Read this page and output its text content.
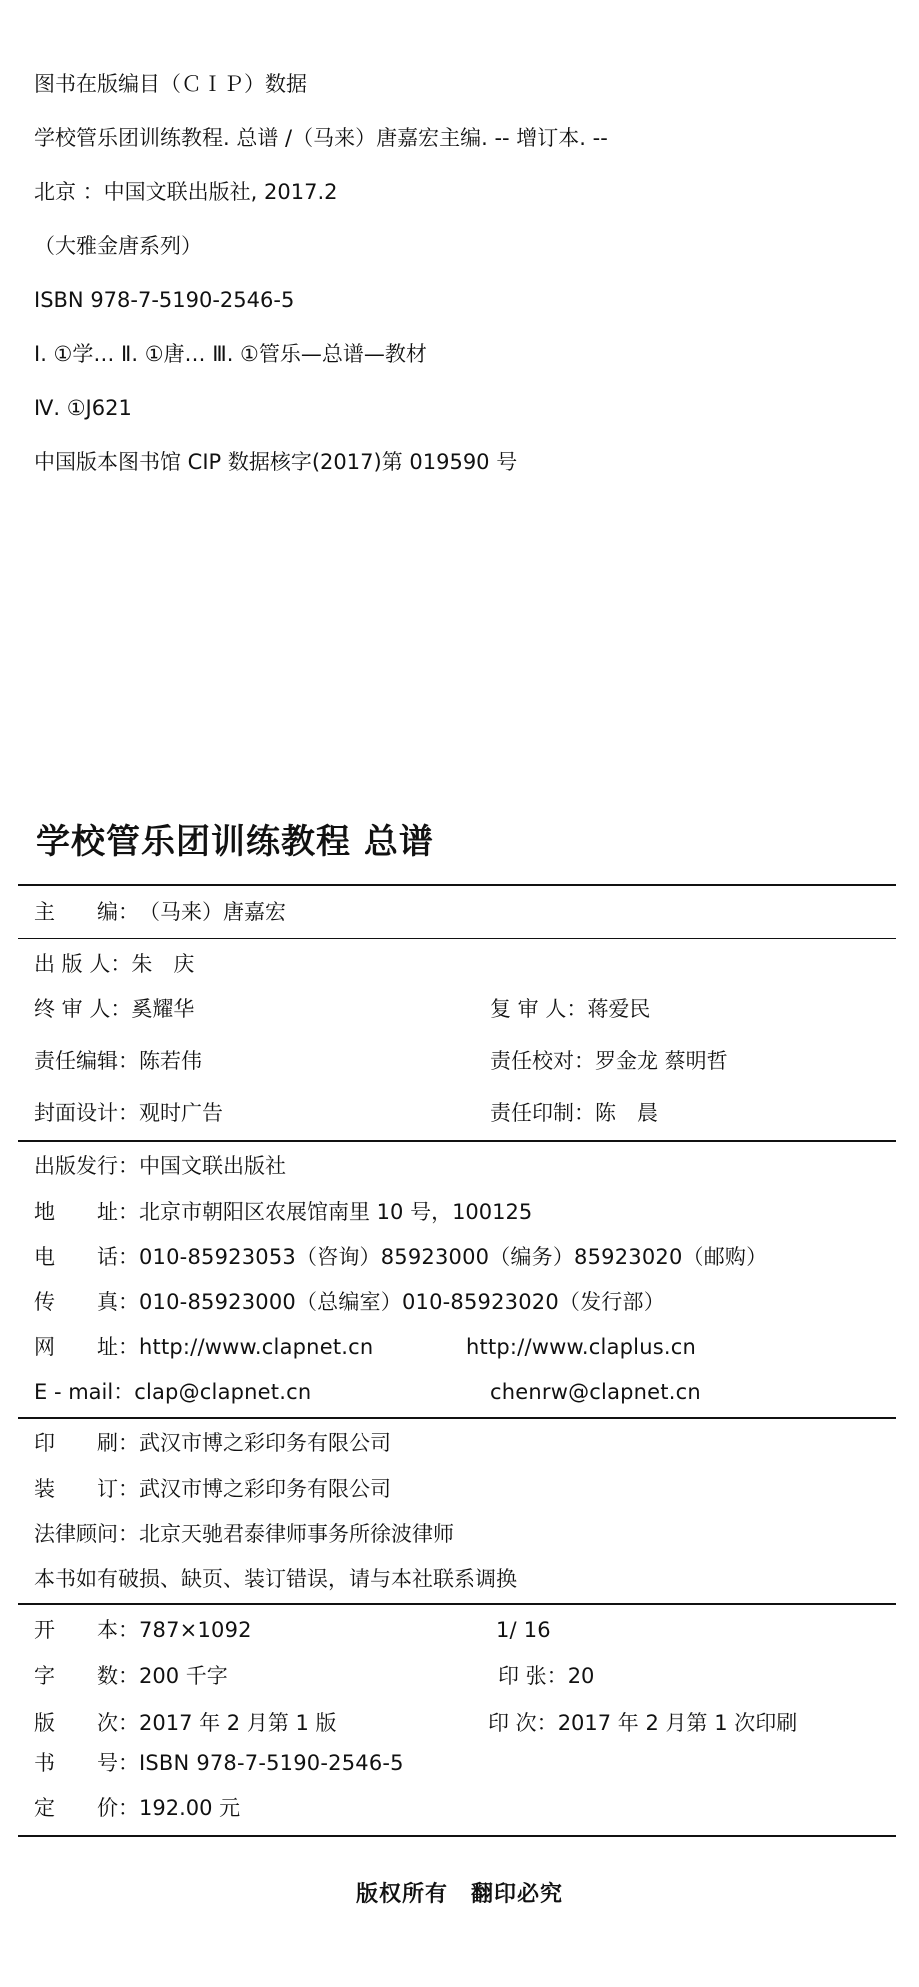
图书在版编目（ＣＩＰ）数据
学校管乐团训练教程. 总谱 /（马来）唐嘉宏主编. -- 增订本. --
北京 ：中国文联出版社, 2017.2
（大雅金唐系列）
ISBN 978-7-5190-2546-5
Ⅰ. ①学… Ⅱ. ①唐… Ⅲ. ①管乐—总谱—教材
Ⅳ. ①J621
中国版本图书馆 CIP 数据核字(2017)第 019590 号
学校管乐团训练教程 总谱
主　　编：（马来）唐嘉宏
出 版 人：朱　庆
终 审 人：奚耀华	复 审 人：蒋爱民
责任编辑：陈若伟	责任校对：罗金龙 蔡明哲
封面设计：观时广告	责任印制：陈　晨
出版发行：中国文联出版社
地　　址：北京市朝阳区农展馆南里 10 号，100125
电　　话：010-85923053（咨询）85923000（编务）85923020（邮购）
传　　真：010-85923000（总编室）010-85923020（发行部）
网　　址：http://www.clapnet.cn	http://www.claplus.cn
E - mail：clap@clapnet.cn	chenrw@clapnet.cn
印　　刷：武汉市博之彩印务有限公司
装　　订：武汉市博之彩印务有限公司
法律顾问：北京天驰君泰律师事务所徐波律师
本书如有破损、缺页、装订错误，请与本社联系调换
开　　本：787×1092	1/ 16
字　　数：200 千字	印 张：20
版　　次：2017 年 2 月第 1 版	印 次：2017 年 2 月第 1 次印刷
书　　号：ISBN 978-7-5190-2546-5
定　　价：192.00 元
版权所有　翻印必究
